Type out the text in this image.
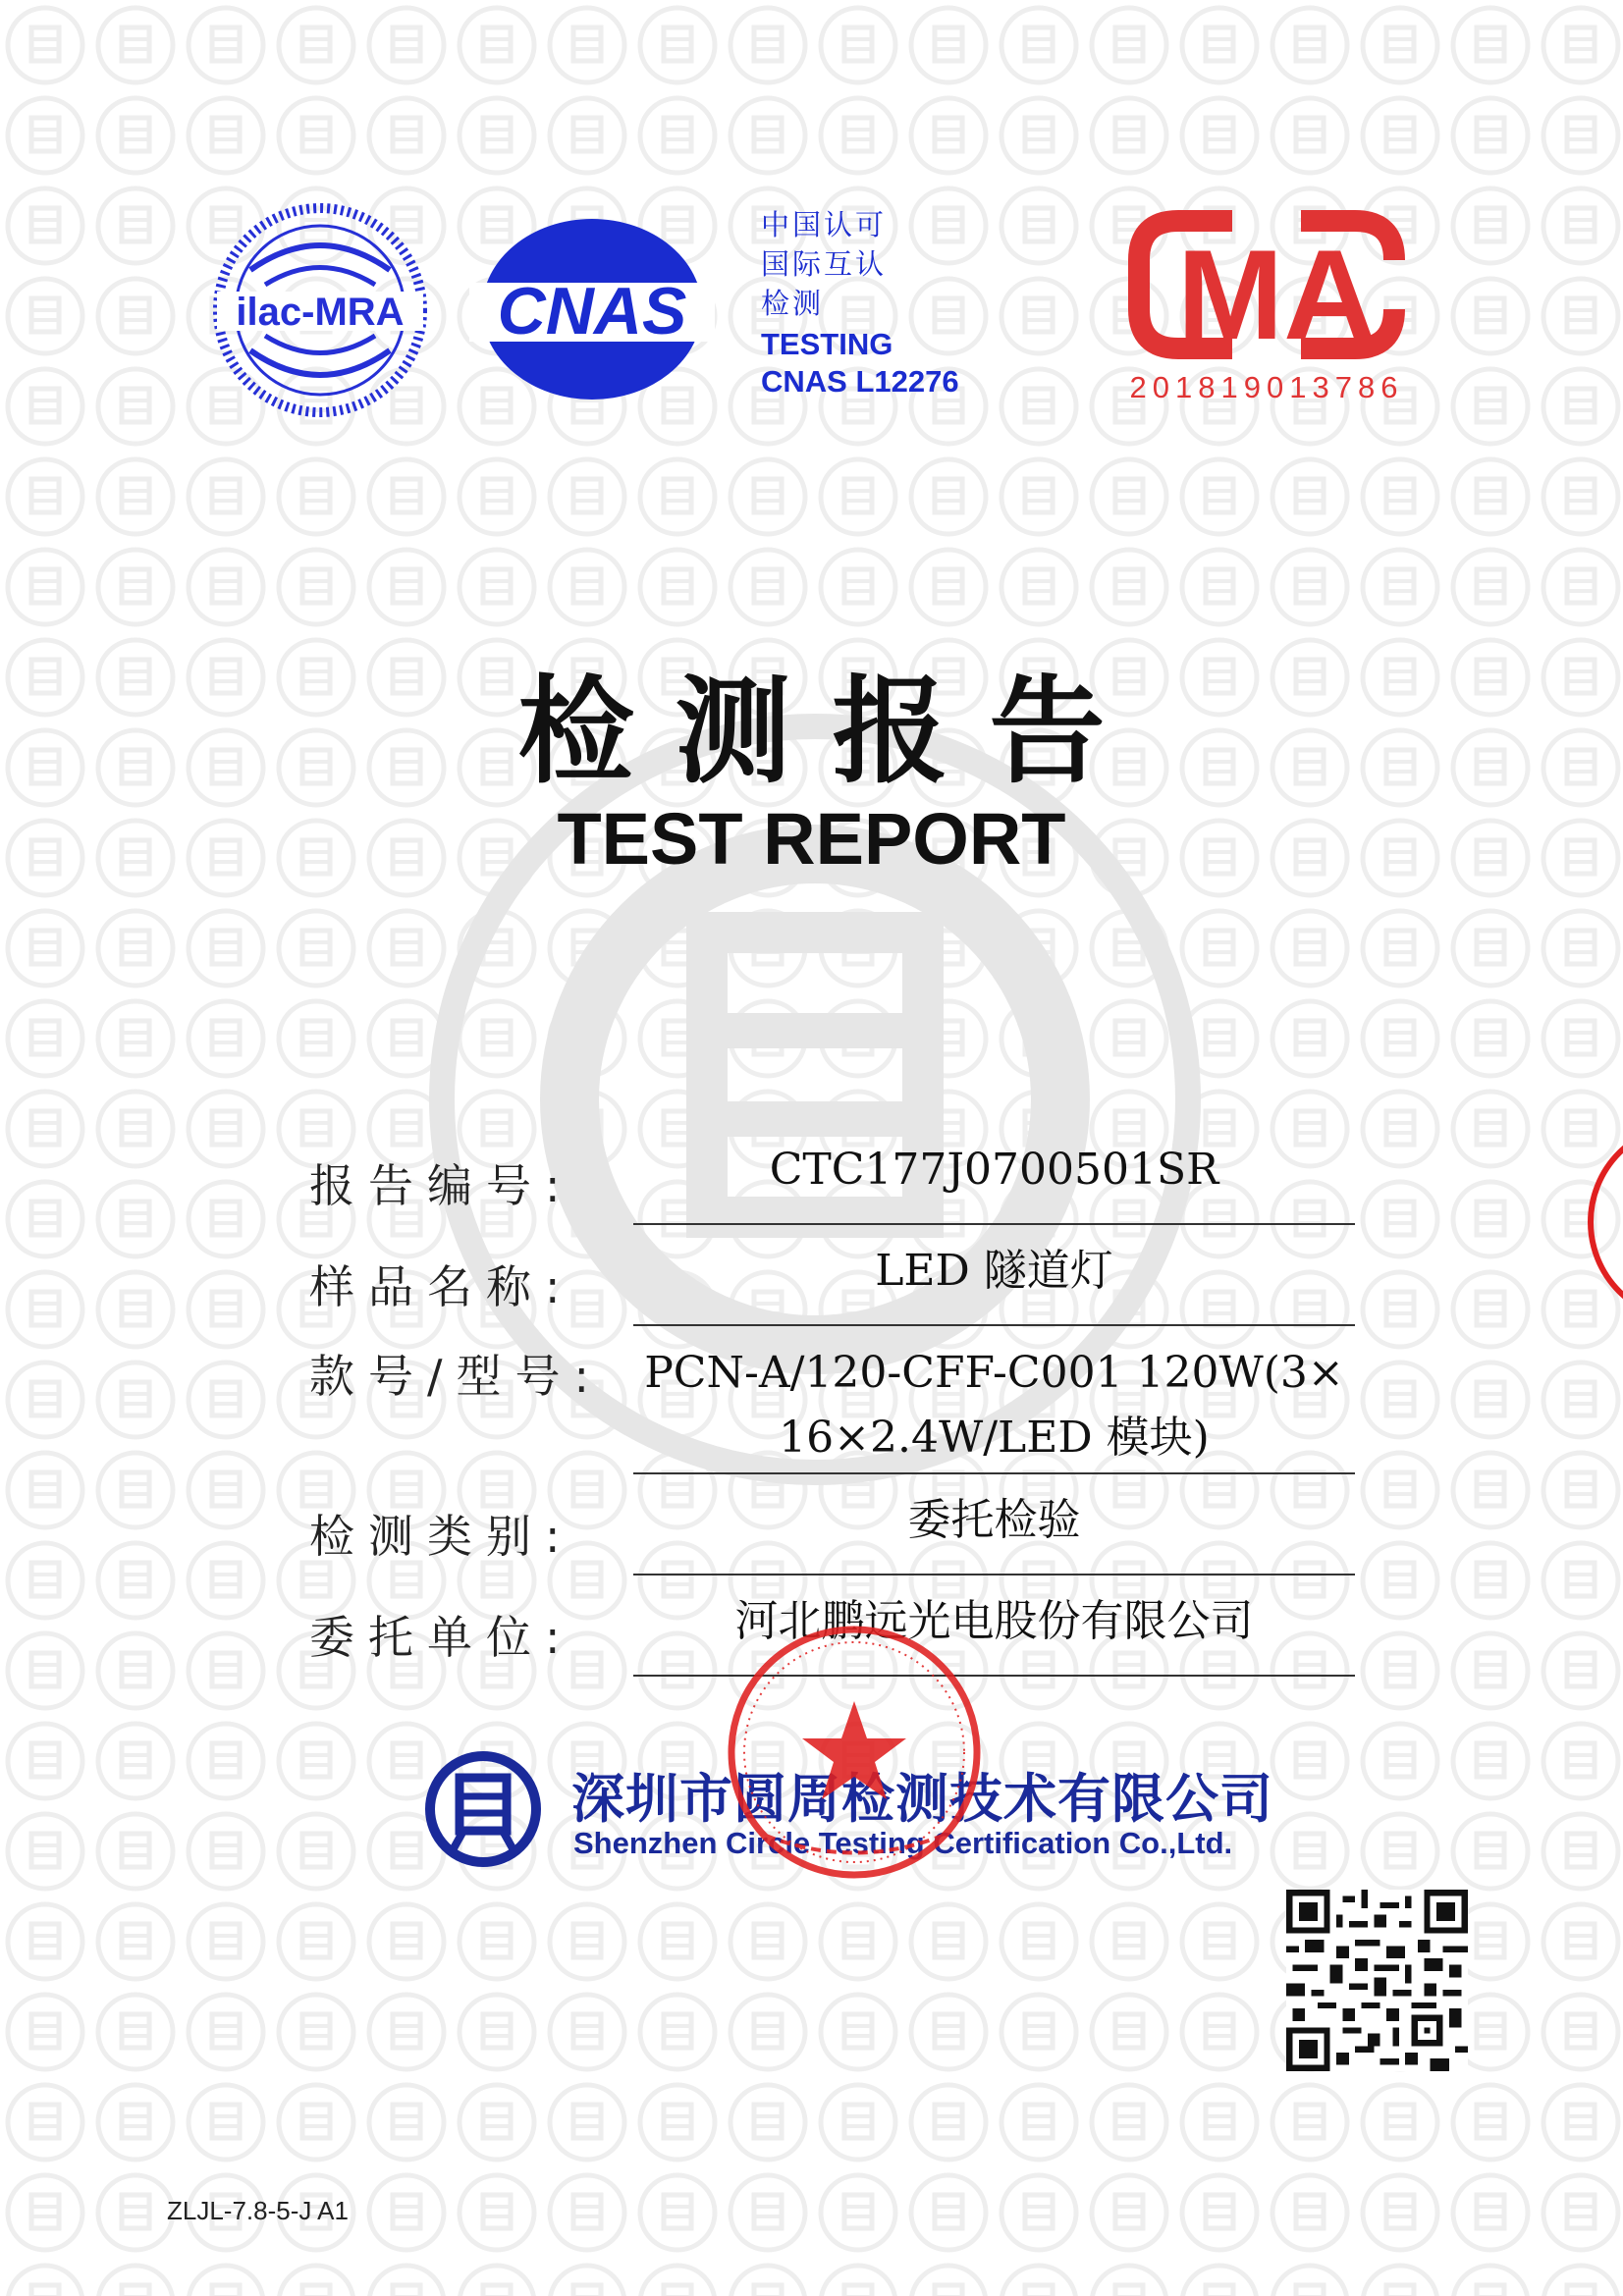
ilac-MRA CNAS
中国认可
国际互认
检测
TESTING
CNAS L12276
MA
201819013786
检测报告
TEST REPORT
报告编号:	CTC177J0700501SR
样品名称:	LED 隧道灯
款号/型号: PCN-A/120-CFF-C001 120W(3×
16×2.4W/LED 模块)
检测类别:	委托检验
委托单位:	河北鹏远光电股份有限公司
深圳市圆周检测技术有限公司
Shenzhen Circle Testing Certification Co.,Ltd.
ZLJL-7.8-5-J A1
